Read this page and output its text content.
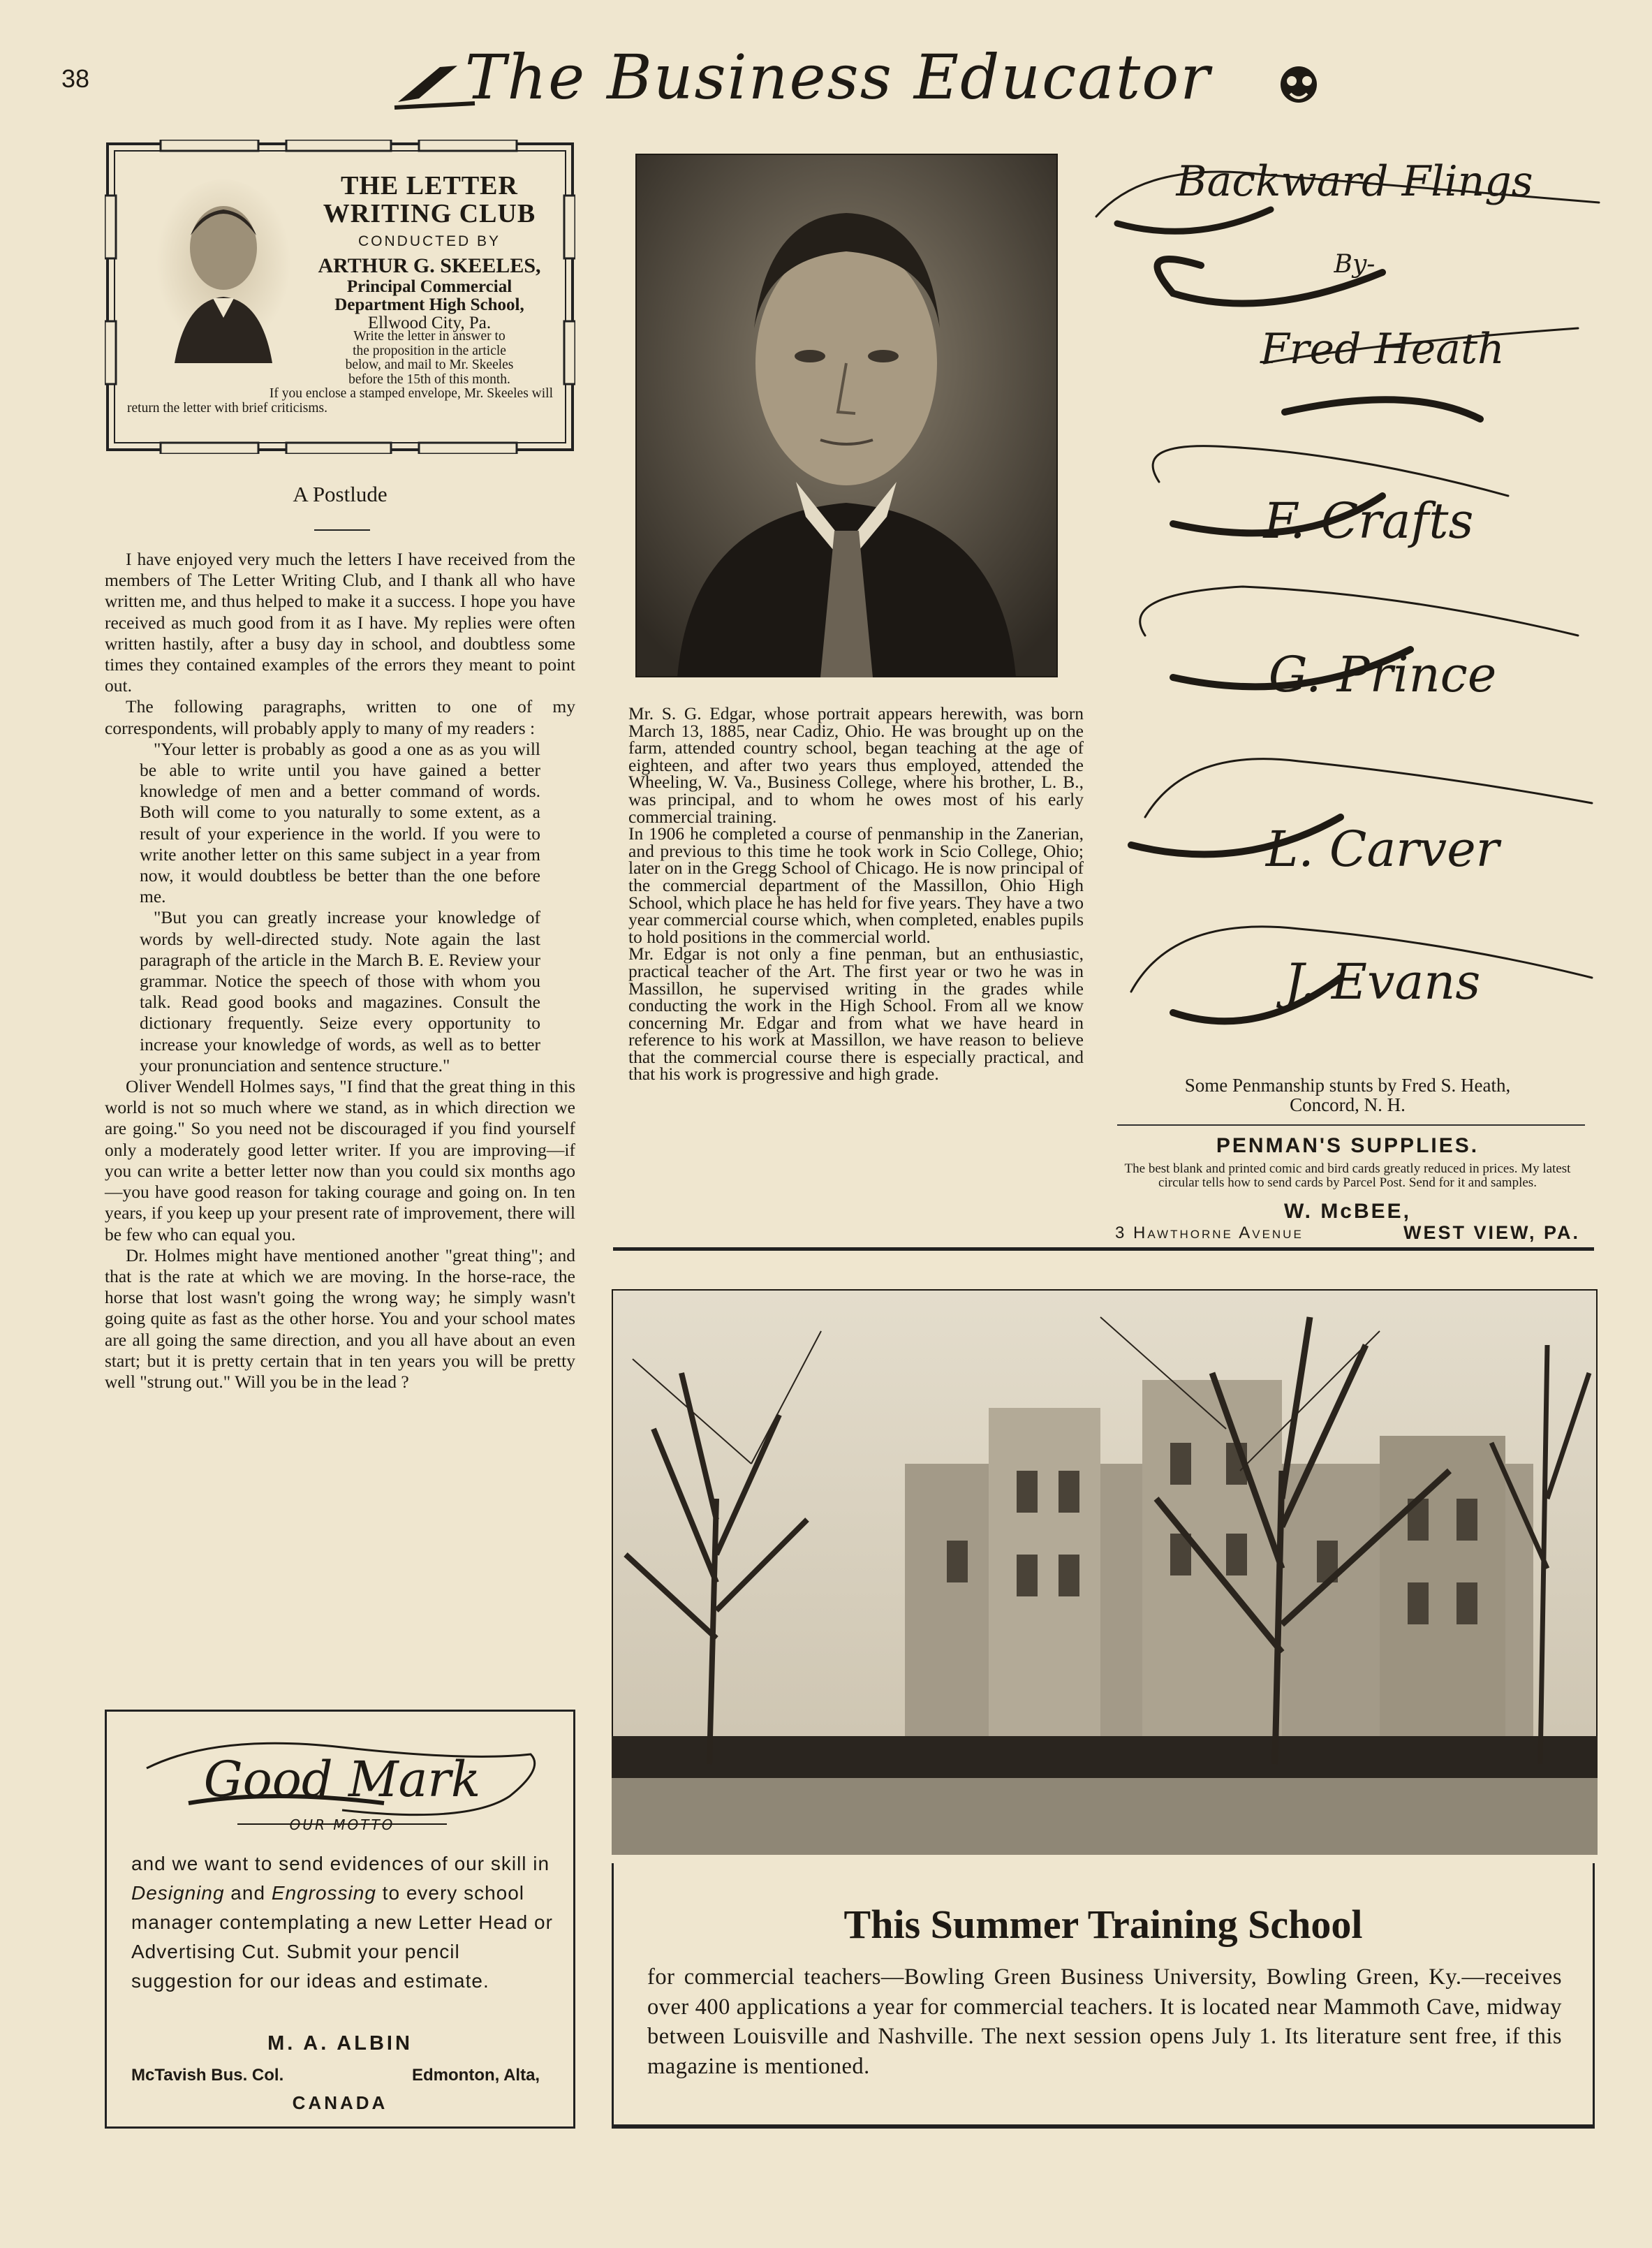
38	The Business Educator
THE LETTER
WRITING CLUB
CONDUCTED BY
ARTHUR G. SKEELES,
Principal Commercial
Department High School,
Ellwood City, Pa.
Write the letter in answer to
the proposition in the article
below, and mail to Mr. Skeeles
before the 15th of this month.
If you enclose a stamped envelope, Mr. Skeeles will
return the letter with brief criticisms.
A Postlude

I have enjoyed very much the letters I have received from the members of The Letter Writing Club, and I thank all who have written me, and thus helped to make it a success. I hope you have received as much good from it as I have. My replies were often written hastily, after a busy day in school, and doubtless some times they contained examples of the errors they meant to point out.

The following paragraphs, written to one of my correspondents, will probably apply to many of my readers :

"Your letter is probably as good a one as as you will be able to write until you have gained a better knowledge of men and a better command of words. Both will come to you naturally to some extent, as a result of your experience in the world. If you were to write another letter on this same subject in a year from now, it would doubtless be better than the one before me.

"But you can greatly increase your knowledge of words by well-directed study. Note again the last paragraph of the article in the March B. E. Review your grammar. Notice the speech of those with whom you talk. Read good books and magazines. Consult the dictionary frequently. Seize every opportunity to increase your knowledge of words, as well as to better your pronunciation and sentence structure."

Oliver Wendell Holmes says, "I find that the great thing in this world is not so much where we stand, as in which direction we are going." So you need not be discouraged if you find yourself only a moderately good letter writer. If you are improving—if you can write a better letter now than you could six months ago—you have good reason for taking courage and going on. In ten years, if you keep up your present rate of improvement, there will be few who can equal you.

Dr. Holmes might have mentioned another "great thing"; and that is the rate at which we are moving. In the horse-race, the horse that lost wasn't going the wrong way; he simply wasn't going quite as fast as the other horse. You and your school mates are all going the same direction, and you all have about an even start; but it is pretty certain that in ten years you will be pretty well "strung out." Will you be in the lead ?

Good Mark
OUR MOTTO
and we want to send evidences of our skill in Designing and Engrossing to every school manager contemplating a new Letter Head or Advertising Cut. Submit your pencil suggestion for our ideas and estimate.
M. A. ALBIN
McTavish Bus. Col.	Edmonton, Alta,
CANADA

Mr. S. G. Edgar, whose portrait appears herewith, was born March 13, 1885, near Cadiz, Ohio. He was brought up on the farm, attended country school, began teaching at the age of eighteen, and after two years thus employed, attended the Wheeling, W. Va., Business College, where his brother, L. B., was principal, and to whom he owes most of his early commercial training.

In 1906 he completed a course of penmanship in the Zanerian, and previous to this time he took work in Scio College, Ohio; later on in the Gregg School of Chicago. He is now principal of the commercial department of the Massillon, Ohio High School, which place he has held for five years. They have a two year commercial course which, when completed, enables pupils to hold positions in the commercial world.

Mr. Edgar is not only a fine penman, but an enthusiastic, practical teacher of the Art. The first year or two he was in Massillon, he supervised writing in the grades while conducting the work in the High School. From all we know concerning Mr. Edgar and from what we have heard in reference to his work at Massillon, we have reason to believe that the commercial course there is especially practical, and that his work is progressive and high grade.

Backward Flings
By-
Fred Heath
F. Crafts
G. Prince
L. Carver
J. Evans
Some Penmanship stunts by Fred S. Heath,
Concord, N. H.
PENMAN'S SUPPLIES.
The best blank and printed comic and bird cards greatly reduced in prices. My latest circular tells how to send cards by Parcel Post. Send for it and samples.
W. McBEE,
3 Hawthorne Avenue	WEST VIEW, PA.
This Summer Training School
for commercial teachers—Bowling Green Business University, Bowling Green, Ky.—receives over 400 applications a year for commercial teachers. It is located near Mammoth Cave, midway between Louisville and Nashville. The next session opens July 1. Its literature sent free, if this magazine is mentioned.
